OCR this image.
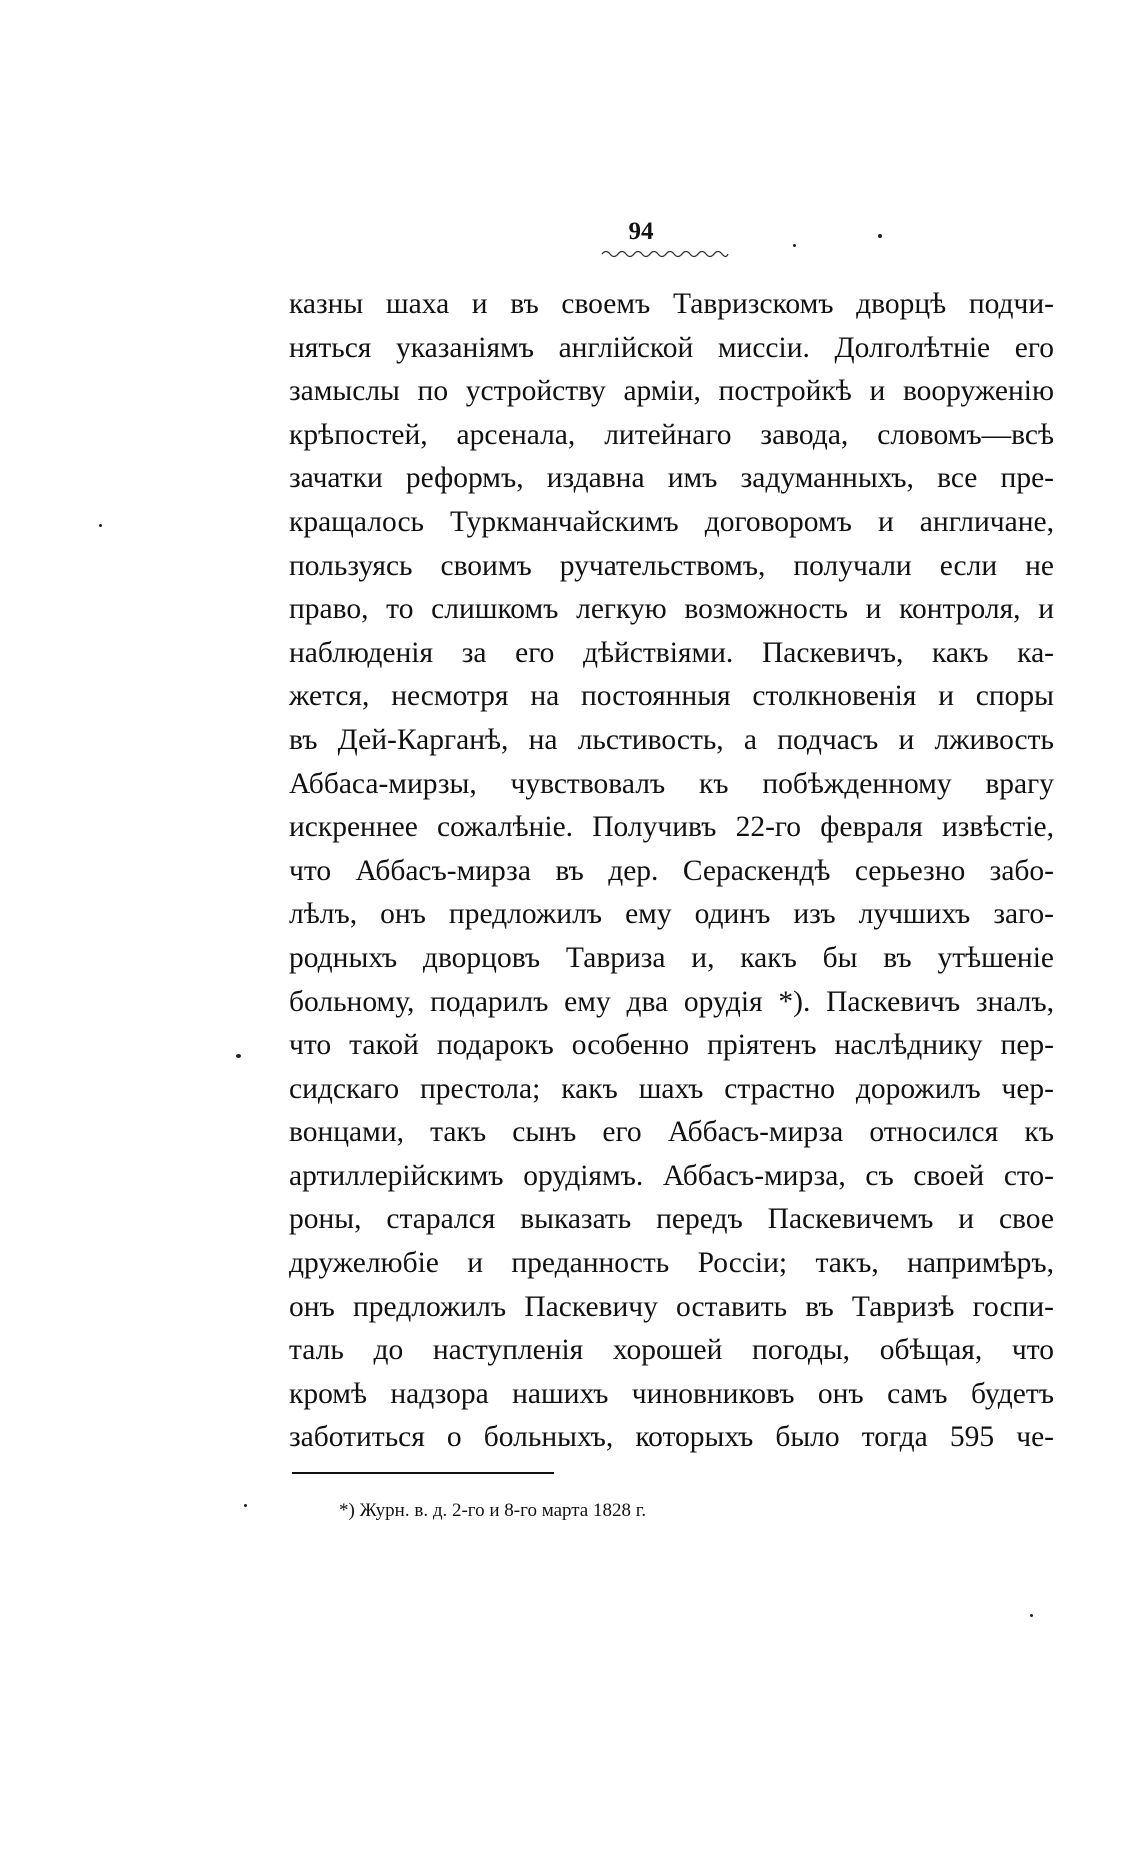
94
казны шаха и въ своемъ Тавризскомъ дворцѣ подчи-
няться указаніямъ англійской миссіи. Долголѣтніе его
замыслы по устройству арміи, постройкѣ и вооруженію
крѣпостей, арсенала, литейнаго завода, словомъ—всѣ
зачатки реформъ, издавна имъ задуманныхъ, все пре-
кращалось Туркманчайскимъ договоромъ и англичане,
пользуясь своимъ ручательствомъ, получали если не
право, то слишкомъ легкую возможность и контроля, и
наблюденія за его дѣйствіями. Паскевичъ, какъ ка-
жется, несмотря на постоянныя столкновенія и споры
въ Дей-Карганѣ, на льстивость, а подчасъ и лживость
Аббаса-мирзы, чувствовалъ къ побѣжденному врагу
искреннее сожалѣніе. Получивъ 22-го февраля извѣстіе,
что Аббасъ-мирза въ дер. Сераскендѣ серьезно забо-
лѣлъ, онъ предложилъ ему одинъ изъ лучшихъ заго-
родныхъ дворцовъ Тавриза и, какъ бы въ утѣшеніе
больному, подарилъ ему два орудія *). Паскевичъ зналъ,
что такой подарокъ особенно пріятенъ наслѣднику пер-
сидскаго престола; какъ шахъ страстно дорожилъ чер-
вонцами, такъ сынъ его Аббасъ-мирза относился къ
артиллерійскимъ орудіямъ. Аббасъ-мирза, съ своей сто-
роны, старался выказать передъ Паскевичемъ и свое
дружелюбіе и преданность Россіи; такъ, напримѣръ,
онъ предложилъ Паскевичу оставить въ Тавризѣ госпи-
таль до наступленія хорошей погоды, обѣщая, что
кромѣ надзора нашихъ чиновниковъ онъ самъ будетъ
заботиться о больныхъ, которыхъ было тогда 595 че-
*) Журн. в. д. 2-го и 8-го марта 1828 г.
